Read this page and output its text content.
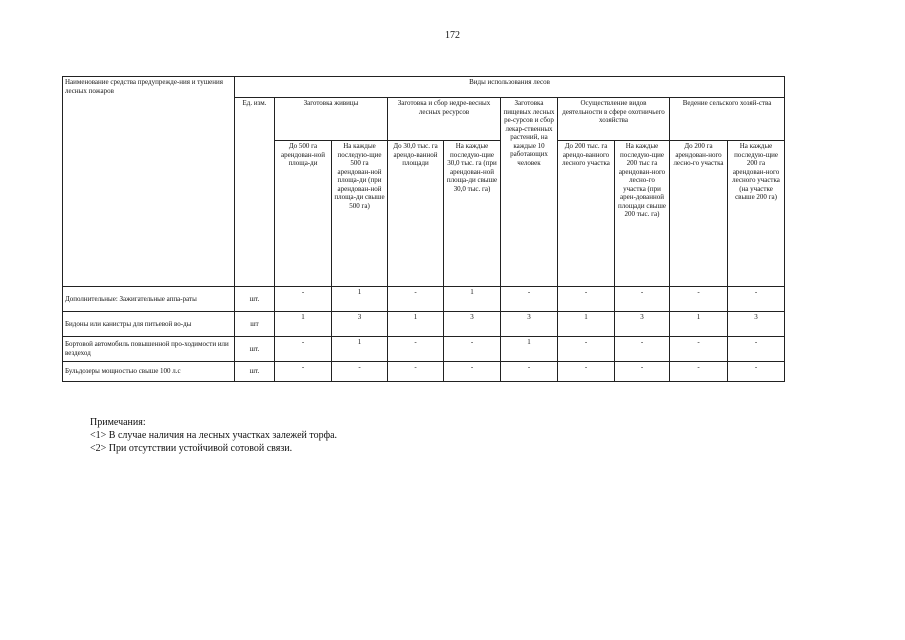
172
Наименование средства предупрежде-ния и тушения лесных пожаров	Виды использования лесов									
	Ед. изм.	Заготовка живицы		Заготовка и сбор недре-весных лесных ресурсов		Заготовка пищевых лесных ре-сурсов и сбор лекар-ственных растений, на каждые 10 работающих человек	Осуществление видов деятельности в сфере охотничьего хозяйства		Ведение сельского хозяй-ства	
		До 500 га арендован-ной площа-ди	На каждые последую-щие 500 га арендован-ной площа-ди (при арендован-ной площа-ди свыше 500 га)	До 30,0 тыс. га арендо-ванной площади	На каждые последую-щие 30,0 тыс. га (при арендован-ной площа-ди свыше 30,0 тыс. га)		До 200 тыс. га арендо-ванного лесного участка	На каждые последую-щие 200 тыс га арендован-ного лесно-го участка (при арен-дованной площади свыше 200 тыс. га)	До 200 га арендован-ного лесно-го участка	На каждые последую-щие 200 га арендован-ного лесного участка (на участке свыше 200 га)
Дополнительные: Зажигательные аппа-раты	шт.	-	1	-	1	-	-	-	-	-
Бидоны или канистры для питьевой во-ды	шт	1	3	1	3	3	1	3	1	3
Бортовой автомобиль повышенной про-ходимости или вездеход	шт.	-	1	-	-	1	-	-	-	-
Бульдозеры мощностью свыше 100 л.с	шт.	-	-	-	-	-	-	-	-	-
Примечания:
<1> В случае наличия на лесных участках залежей торфа.
<2> При отсутствии устойчивой сотовой связи.
